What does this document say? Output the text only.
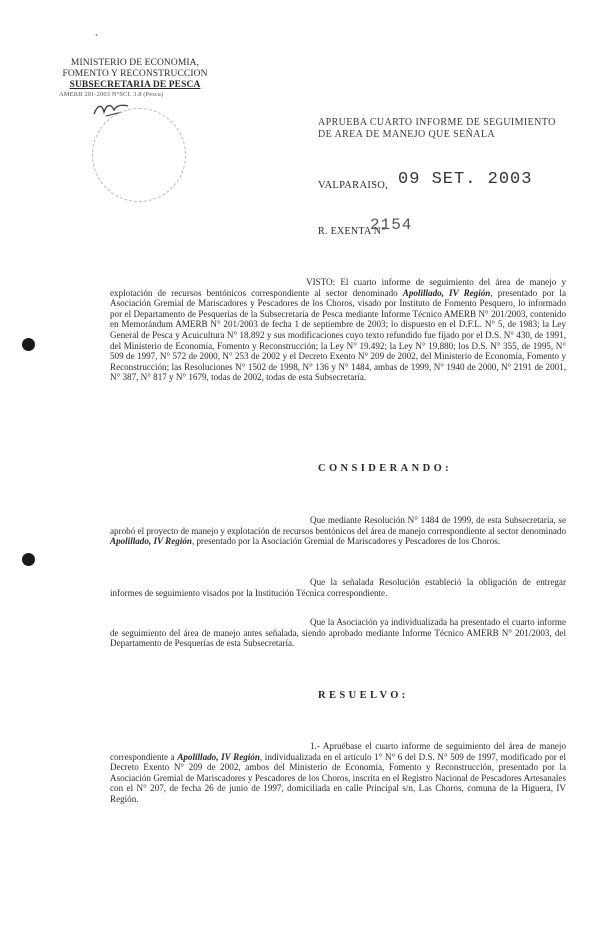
ꞏ
MINISTERIO DE ECONOMIA,
FOMENTO Y RECONSTRUCCION
SUBSECRETARIA DE PESCA
AMERB 201-2003 N°SCI. 3.8 (Pesca)
APRUEBA CUARTO INFORME DE SEGUIMIENTO
DE AREA DE MANEJO QUE SEÑALA
VALPARAISO, 09 SET. 2003
R. EXENTA N°
2154
VISTO: El cuarto informe de seguimiento del área de manejo y explotación de recursos bentónicos correspondiente al sector denominado Apolillado, IV Región, presentado por la Asociación Gremial de Mariscadores y Pescadores de los Choros, visado por Instituto de Fomento Pesquero, lo informado por el Departamento de Pesquerías de la Subsecretaría de Pesca mediante Informe Técnico AMERB N° 201/2003, contenido en Memorándum AMERB N° 201/2003 de fecha 1 de septiembre de 2003; lo dispuesto en el D.F.L. N° 5, de 1983; la Ley General de Pesca y Acuicultura N° 18.892 y sus modificaciones cuyo texto refundido fue fijado por el D.S. N° 430, de 1991, del Ministerio de Economía, Fomento y Reconstrucción; la Ley N° 19.492; la Ley N° 19.880; los D.S. N° 355, de 1995, N° 509 de 1997, N° 572 de 2000, N° 253 de 2002 y el Decreto Exento N° 209 de 2002, del Ministerio de Economía, Fomento y Reconstrucción; las Resoluciones N° 1502 de 1998, N° 136 y N° 1484, ambas de 1999, N° 1940 de 2000, N° 2191 de 2001, N° 387, N° 817 y N° 1679, todas de 2002, todas de esta Subsecretaría.
CONSIDERANDO:
Que mediante Resolución N° 1484 de 1999, de esta Subsecretaría, se aprobó el proyecto de manejo y explotación de recursos bentónicos del área de manejo correspondiente al sector denominado Apolillado, IV Región, presentado por la Asociación Gremial de Mariscadores y Pescadores de los Choros.
Que la señalada Resolución estableció la obligación de entregar informes de seguimiento visados por la Institución Técnica correspondiente.
Que la Asociación ya individualizada ha presentado el cuarto informe de seguimiento del área de manejo antes señalada, siendo aprobado mediante Informe Técnico AMERB N° 201/2003, del Departamento de Pesquerías de esta Subsecretaría.
RESUELVO:
1.- Apruébase el cuarto informe de seguimiento del área de manejo correspondiente a Apolillado, IV Región, individualizada en el artículo 1° N° 6 del D.S. N° 509 de 1997, modificado por el Decreto Exento N° 209 de 2002, ambos del Ministerio de Economía, Fomento y Reconstrucción, presentado por la Asociación Gremial de Mariscadores y Pescadores de los Choros, inscrita en el Registro Nacional de Pescadores Artesanales con el N° 207, de fecha 26 de junio de 1997, domiciliada en calle Principal s/n, Las Choros, comuna de la Higuera, IV Región.
